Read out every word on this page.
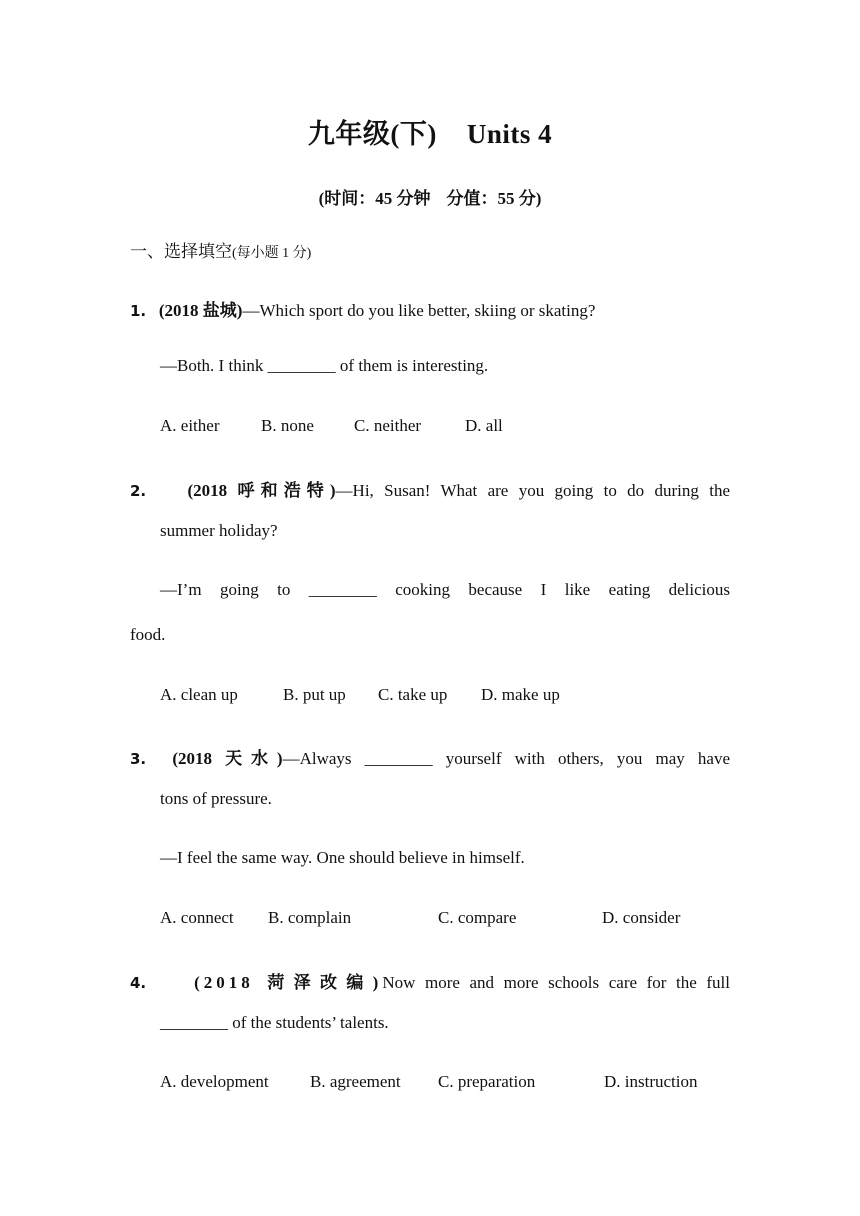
九年级(下) Units 4
(时间：45 分钟 分值：55 分)
一、选择填空(每小题 1 分)
1. (2018 盐城)—Which sport do you like better, skiing or skating?
—Both. I think ________ of them is interesting.
A. either B. none C. neither	D. all
2. (2018 呼和浩特)—Hi, Susan! What are you going to do during the
summer holiday?
—I’m going to ________ cooking because I like eating delicious
food.
A. clean up	B. put up C. take up D. make up
3. (2018 天水)—Always ________ yourself with others, you may have
tons of pressure.
—I feel the same way. One should believe in himself.
A. connect B. complain	C. compare	D. consider
4.	(2018 菏泽改编)Now more and more schools care for the full
________ of the students’ talents.
A. development B. agreement C. preparation	D. instruction
